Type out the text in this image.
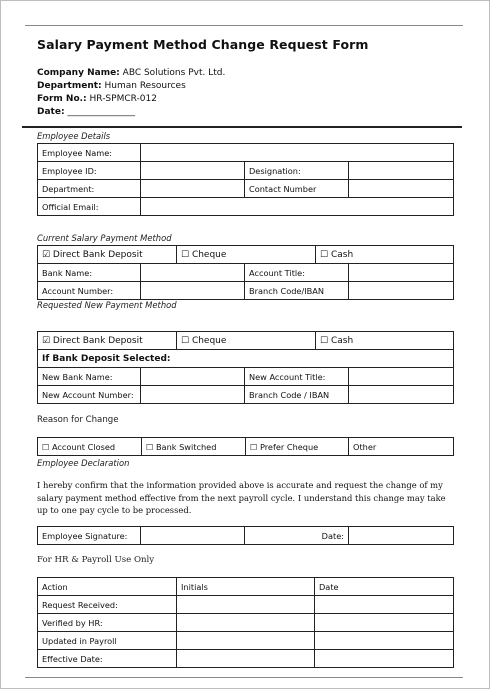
Salary Payment Method Change Request Form
Company Name: ABC Solutions Pvt. Ltd.
Department: Human Resources
Form No.: HR-SPMCR-012
Date: _______________
Employee Details
Employee Name:			
Employee ID:		Designation:	
Department:		Contact Number	
Official Email:			
Current Salary Payment Method
☑ Direct Bank Deposit		☐ Cheque		☐ Cash	
Bank Name:			Account Title:		
Account Number:			Branch Code/IBAN		
Requested New Payment Method
☑ Direct Bank Deposit		☐ Cheque		☐ Cash	
If Bank Deposit Selected:					
New Bank Name:			New Account Title:		
New Account Number:			Branch Code / IBAN		
Reason for Change
☐ Account Closed	☐ Bank Switched	☐ Prefer Cheque	Other
Employee Declaration
I hereby confirm that the information provided above is accurate and request the change of my salary payment method effective from the next payroll cycle. I understand this change may take up to one pay cycle to be processed.
Employee Signature:		Date:	
For HR & Payroll Use Only
Action	Initials	Date
Request Received:		
Verified by HR:		
Updated in Payroll		
Effective Date:		
